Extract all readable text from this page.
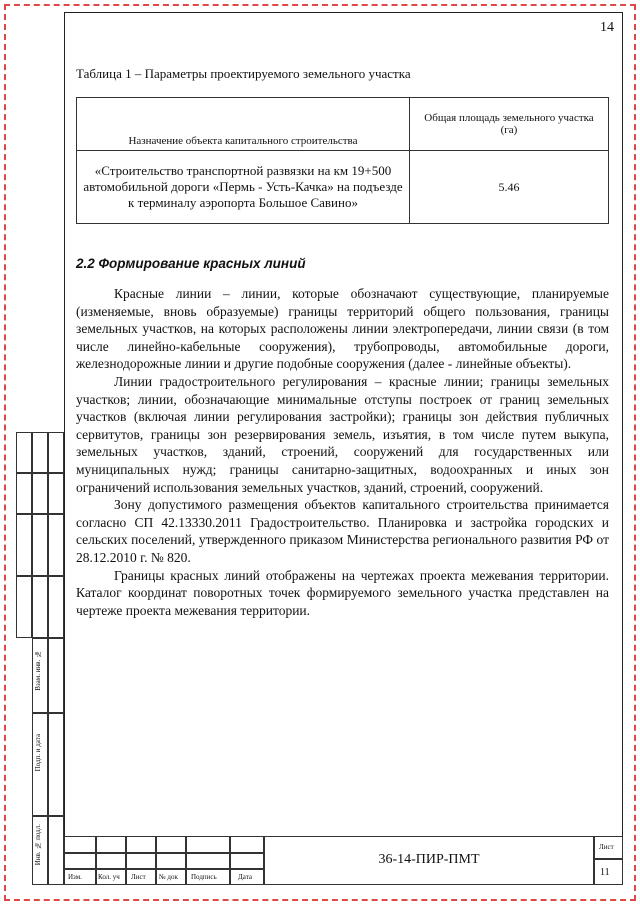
14
Таблица 1 – Параметры проектируемого земельного участка
Назначение объекта капитального строительства	Общая площадь земельного участка (га)
«Строительство транспортной развязки на км 19+500 автомобильной дороги «Пермь - Усть-Качка» на подъезде к терминалу аэропорта Большое Савино»	5.46
2.2 Формирование красных линий

Красные линии – линии, которые обозначают существующие, планируемые (изменяемые, вновь образуемые) границы территорий общего пользования, границы земельных участков, на которых расположены линии электропередачи, линии связи (в том числе линейно-кабельные сооружения), трубопроводы, автомобильные дороги, железнодорожные линии и другие подобные сооружения (далее - линейные объекты).

Линии градостроительного регулирования – красные линии; границы земельных участков; линии, обозначающие минимальные отступы построек от границ земельных участков (включая линии регулирования застройки); границы зон действия публичных сервитутов, границы зон резервирования земель, изъятия, в том числе путем выкупа, земельных участков, зданий, строений, сооружений для государственных или муниципальных нужд; границы санитарно-защитных, водоохранных и иных зон ограничений использования земельных участков, зданий, строений, сооружений.

Зону допустимого размещения объектов капитального строительства принимается согласно СП 42.13330.2011 Градостроительство. Планировка и застройка городских и сельских поселений, утвержденного приказом Министерства регионального развития РФ от 28.12.2010 г. № 820.

Границы красных линий отображены на чертежах проекта межевания территории. Каталог координат поворотных точек формируемого земельного участка представлен на чертеже проекта межевания территории.

Взам. инв. №
Подп. и дата
Инв. № подл.
Изм. Кол. уч Лист № док Подпись	Дата
36-14-ПИР-ПМТ
Лист
11
